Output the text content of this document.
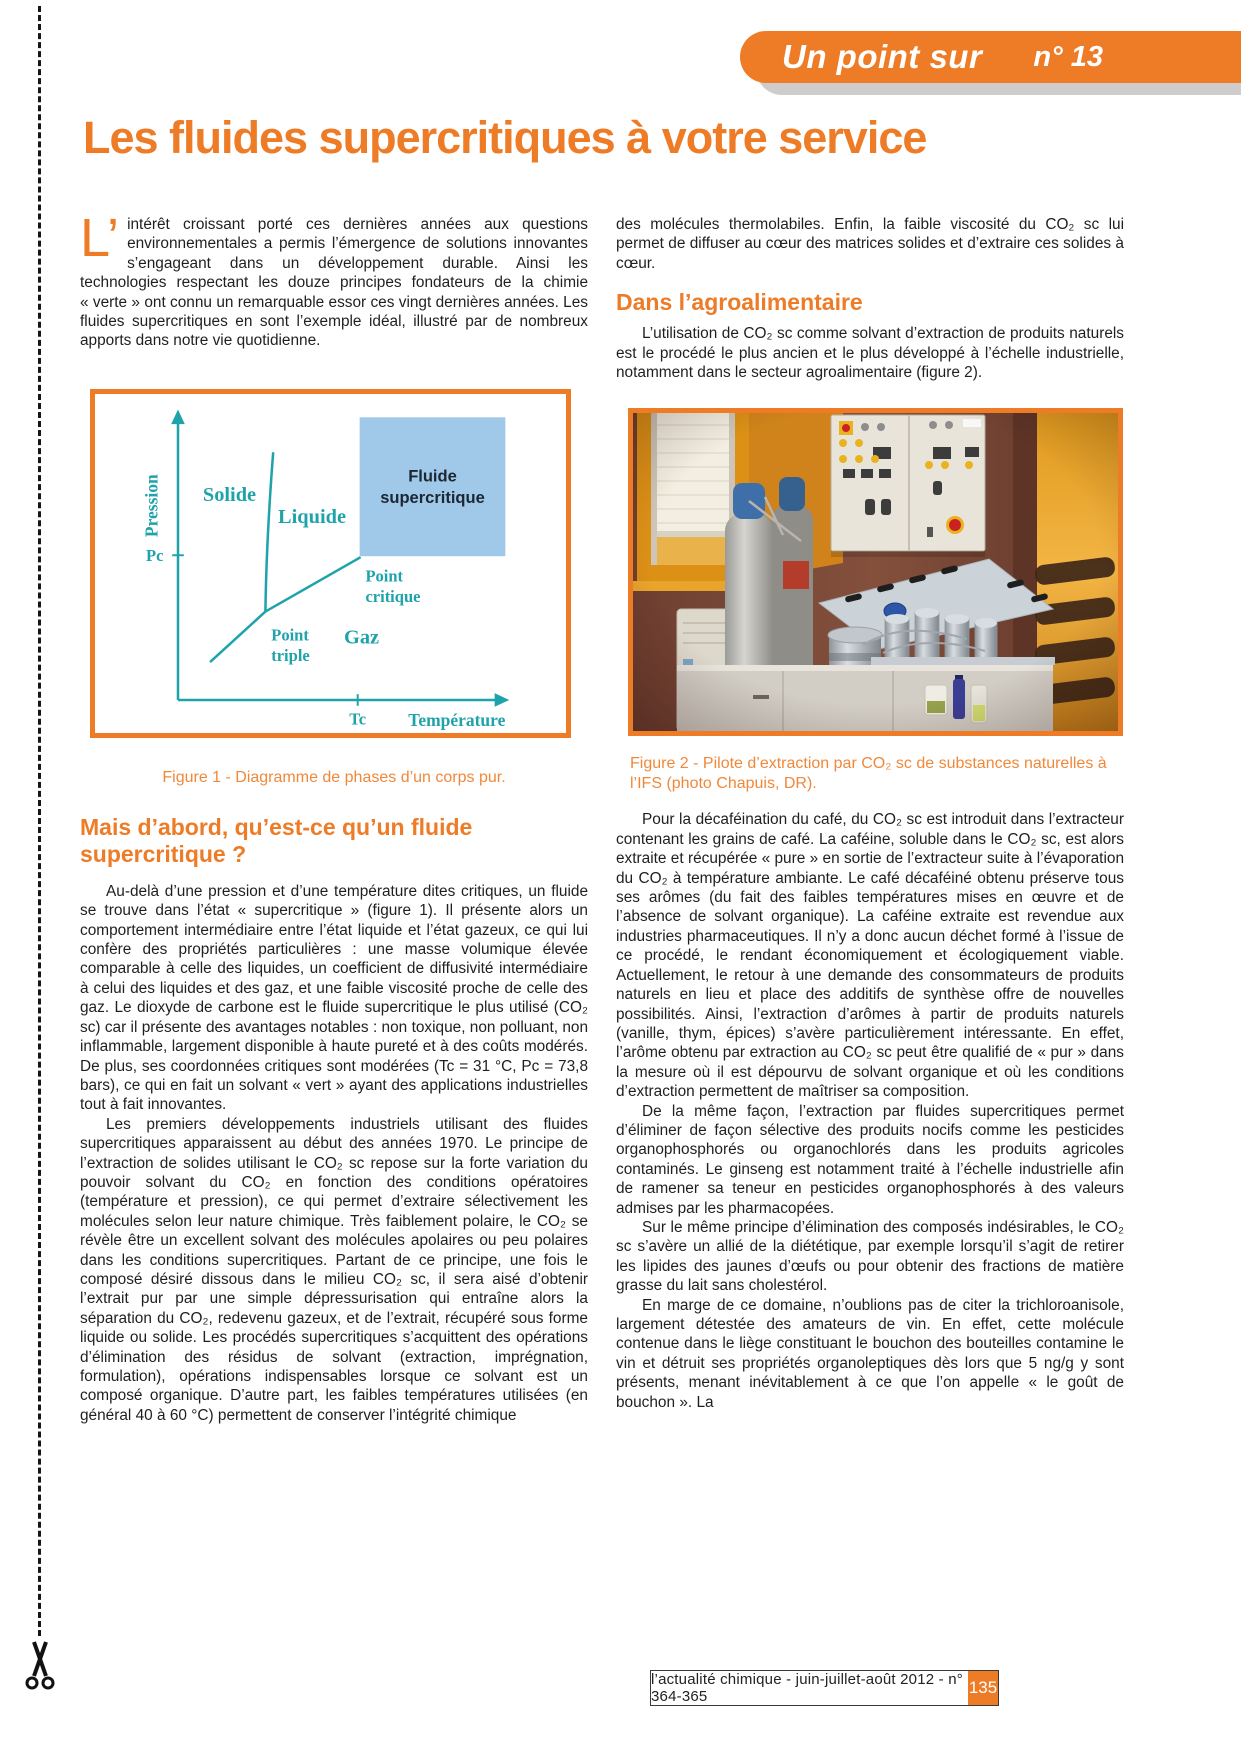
Un point sur n° 13
Les fluides supercritiques à votre service

L’ intérêt croissant porté ces dernières années aux questions environnementales a permis l’émergence de solutions innovantes s’engageant dans un développement durable. Ainsi les technologies respectant les douze principes fondateurs de la chimie « verte » ont connu un remarquable essor ces vingt dernières années. Les fluides supercritiques en sont l’exemple idéal, illustré par de nombreux apports dans notre vie quotidienne.

Pc
Tc Température
Pression Solide
Liquide
Gaz
Fluide
supercritique
Point
critique
Point
triple

Figure 1 - Diagramme de phases d’un corps pur.

Mais d’abord, qu’est-ce qu’un fluide supercritique ?

Au-delà d’une pression et d’une température dites critiques, un fluide se trouve dans l’état « supercritique » (figure 1). Il présente alors un comportement intermédiaire entre l’état liquide et l’état gazeux, ce qui lui confère des propriétés particulières : une masse volumique élevée comparable à celle des liquides, un coefficient de diffusivité intermédiaire à celui des liquides et des gaz, et une faible viscosité proche de celle des gaz. Le dioxyde de carbone est le fluide supercritique le plus utilisé (CO₂ sc) car il présente des avantages notables : non toxique, non polluant, non inflammable, largement disponible à haute pureté et à des coûts modérés. De plus, ses coordonnées critiques sont modérées (Tc = 31 °C, Pc = 73,8 bars), ce qui en fait un solvant « vert » ayant des applications industrielles tout à fait innovantes.

Les premiers développements industriels utilisant des fluides supercritiques apparaissent au début des années 1970. Le principe de l’extraction de solides utilisant le CO₂ sc repose sur la forte variation du pouvoir solvant du CO₂ en fonction des conditions opératoires (température et pression), ce qui permet d’extraire sélectivement les molécules selon leur nature chimique. Très faiblement polaire, le CO₂ se révèle être un excellent solvant des molécules apolaires ou peu polaires dans les conditions supercritiques. Partant de ce principe, une fois le composé désiré dissous dans le milieu CO₂ sc, il sera aisé d’obtenir l’extrait pur par une simple dépressurisation qui entraîne alors la séparation du CO₂, redevenu gazeux, et de l’extrait, récupéré sous forme liquide ou solide. Les procédés supercritiques s’acquittent des opérations d’élimination des résidus de solvant (extraction, imprégnation, formulation), opérations indispensables lorsque ce solvant est un composé organique. D’autre part, les faibles températures utilisées (en général 40 à 60 °C) permettent de conserver l’intégrité chimique

des molécules thermolabiles. Enfin, la faible viscosité du CO₂ sc lui permet de diffuser au cœur des matrices solides et d’extraire ces solides à cœur.

Dans l’agroalimentaire

L’utilisation de CO₂ sc comme solvant d’extraction de produits naturels est le procédé le plus ancien et le plus développé à l’échelle industrielle, notamment dans le secteur agroalimentaire (figure 2).

Figure 2 - Pilote d’extraction par CO₂ sc de substances naturelles à l’IFS (photo Chapuis, DR).

Pour la décaféination du café, du CO₂ sc est introduit dans l’extracteur contenant les grains de café. La caféine, soluble dans le CO₂ sc, est alors extraite et récupérée « pure » en sortie de l’extracteur suite à l’évaporation du CO₂ à température ambiante. Le café décaféiné obtenu préserve tous ses arômes (du fait des faibles températures mises en œuvre et de l’absence de solvant organique). La caféine extraite est revendue aux industries pharmaceutiques. Il n’y a donc aucun déchet formé à l’issue de ce procédé, le rendant économiquement et écologiquement viable. Actuellement, le retour à une demande des consommateurs de produits naturels en lieu et place des additifs de synthèse offre de nouvelles possibilités. Ainsi, l’extraction d’arômes à partir de produits naturels (vanille, thym, épices) s’avère particulièrement intéressante. En effet, l’arôme obtenu par extraction au CO₂ sc peut être qualifié de « pur » dans la mesure où il est dépourvu de solvant organique et où les conditions d’extraction permettent de maîtriser sa composition.

De la même façon, l’extraction par fluides supercritiques permet d’éliminer de façon sélective des produits nocifs comme les pesticides organophosphorés ou organochlorés dans les produits agricoles contaminés. Le ginseng est notamment traité à l’échelle industrielle afin de ramener sa teneur en pesticides organophosphorés à des valeurs admises par les pharmacopées.

Sur le même principe d’élimination des composés indésirables, le CO₂ sc s’avère un allié de la diététique, par exemple lorsqu’il s’agit de retirer les lipides des jaunes d’œufs ou pour obtenir des fractions de matière grasse du lait sans cholestérol.

En marge de ce domaine, n’oublions pas de citer la trichloroanisole, largement détestée des amateurs de vin. En effet, cette molécule contenue dans le liège constituant le bouchon des bouteilles contamine le vin et détruit ses propriétés organoleptiques dès lors que 5 ng/g y sont présents, menant inévitablement à ce que l’on appelle « le goût de bouchon ». La

l’actualité chimique - juin-juillet-août 2012 - n° 364-365	135
